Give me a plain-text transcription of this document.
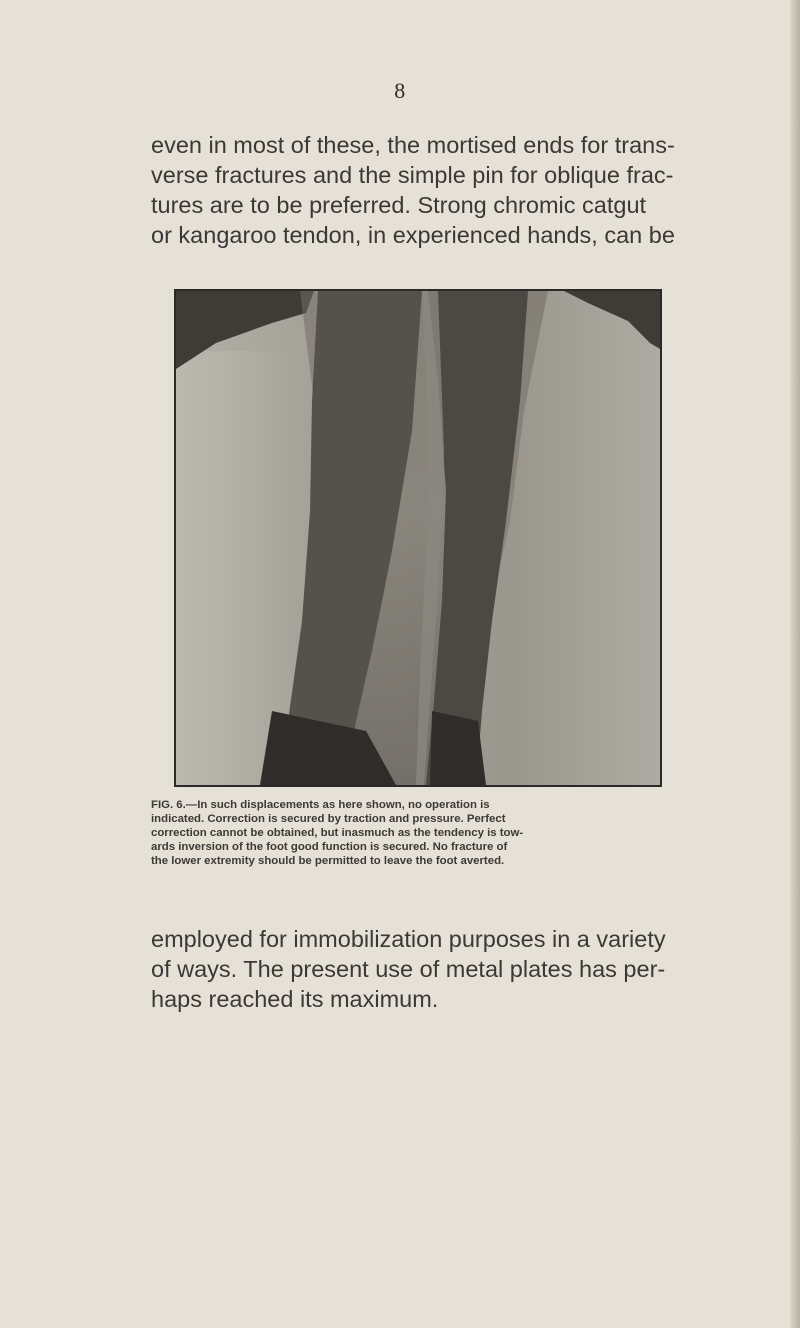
8
even in most of these, the mortised ends for trans-
verse fractures and the simple pin for oblique frac-
tures are to be preferred. Strong chromic catgut
or kangaroo tendon, in experienced hands, can be
FIG. 6.—In such displacements as here shown, no operation is
indicated. Correction is secured by traction and pressure. Perfect
correction cannot be obtained, but inasmuch as the tendency is tow-
ards inversion of the foot good function is secured. No fracture of
the lower extremity should be permitted to leave the foot averted.
employed for immobilization purposes in a variety
of ways. The present use of metal plates has per-
haps reached its maximum.
